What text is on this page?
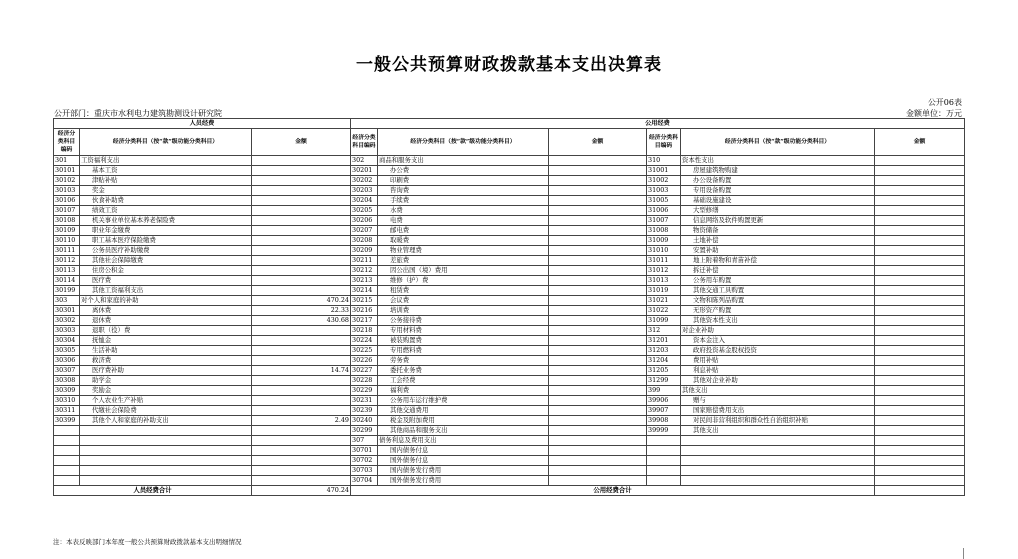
一般公共预算财政拨款基本支出决算表
公开06表
公开部门：重庆市水利电力建筑勘测设计研究院	金额单位：万元
人员经费			公用经费					
经济分类科目编码	经济分类科目（按“款”级功能分类科目）	金额	经济分类科目编码	经济分类科目（按“款”级功能分类科目）	金额	经济分类科目编码	经济分类科目（按“款”级功能分类科目）	金额
301	工资福利支出		302	商品和服务支出		310	资本性支出	
30101	基本工资		30201	办公费		31001	房屋建筑物购建	
30102	津贴补贴		30202	印刷费		31002	办公设备购置	
30103	奖金		30203	咨询费		31003	专用设备购置	
30106	伙食补助费		30204	手续费		31005	基础设施建设	
30107	绩效工资		30205	水费		31006	大型修缮	
30108	机关事业单位基本养老保险费		30206	电费		31007	信息网络及软件购置更新	
30109	职业年金缴费		30207	邮电费		31008	物资储备	
30110	职工基本医疗保险缴费		30208	取暖费		31009	土地补偿	
30111	公务员医疗补助缴费		30209	物业管理费		31010	安置补助	
30112	其他社会保障缴费		30211	差旅费		31011	地上附着物和青苗补偿	
30113	住房公积金		30212	因公出国（境）费用		31012	拆迁补偿	
30114	医疗费		30213	维修（护）费		31013	公务用车购置	
30199	其他工资福利支出		30214	租赁费		31019	其他交通工具购置	
303	对个人和家庭的补助	470.24	30215	会议费		31021	文物和陈列品购置	
30301	离休费	22.33	30216	培训费		31022	无形资产购置	
30302	退休费	430.68	30217	公务接待费		31099	其他资本性支出	
30303	退职（役）费		30218	专用材料费		312	对企业补助	
30304	抚恤金		30224	被装购置费		31201	资本金注入	
30305	生活补助		30225	专用燃料费		31203	政府投资基金股权投资	
30306	救济费		30226	劳务费		31204	费用补贴	
30307	医疗费补助	14.74	30227	委托业务费		31205	利息补贴	
30308	助学金		30228	工会经费		31299	其他对企业补助	
30309	奖励金		30229	福利费		399	其他支出	
30310	个人农业生产补贴		30231	公务用车运行维护费		39906	赠与	
30311	代缴社会保险费		30239	其他交通费用		39907	国家赔偿费用支出	
30399	其他个人和家庭的补助支出	2.49	30240	税金及附加费用		39908	对民间非营利组织和群众性自治组织补贴	
			30299	其他商品和服务支出		39999	其他支出	
			307	债务利息及费用支出				
			30701	国内债务付息				
			30702	国外债务付息				
			30703	国内债务发行费用				
			30704	国外债务发行费用				
人员经费合计		470.24	公用经费合计					
注：本表反映部门本年度一般公共预算财政拨款基本支出明细情况
